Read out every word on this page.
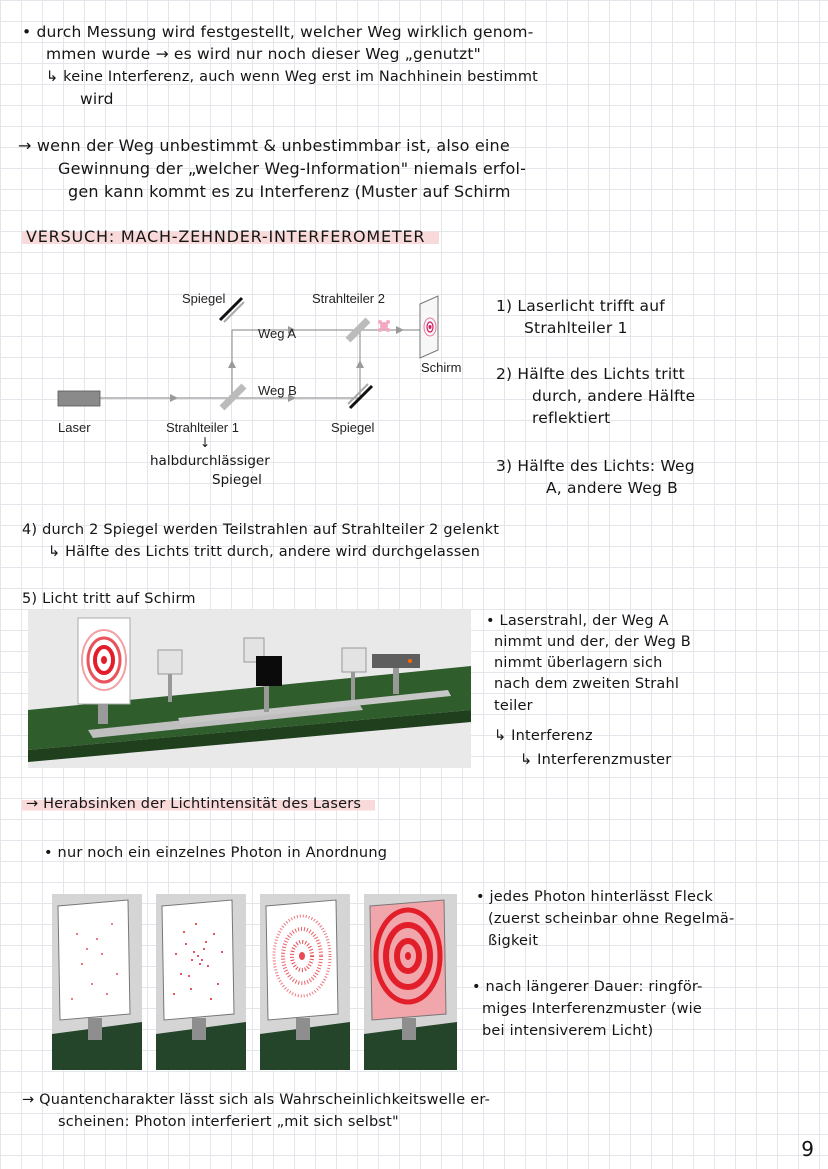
• durch Messung wird festgestellt, welcher Weg wirklich genom-
mmen wurde → es wird nur noch dieser Weg „genutzt"
↳ keine Interferenz, auch wenn Weg erst im Nachhinein bestimmt
wird
→ wenn der Weg unbestimmt & unbestimmbar ist, also eine
Gewinnung der „welcher Weg-Information" niemals erfol-
gen kann kommt es zu Interferenz (Muster auf Schirm
VERSUCH: MACH-ZEHNDER-INTERFEROMETER
Spiegel	Strahlteiler 2
Weg A
Schirm
Weg B
Laser	Strahlteiler 1	Spiegel
↓
halbdurchlässiger
Spiegel
1) Laserlicht trifft auf
Strahlteiler 1
2) Hälfte des Lichts tritt
durch, andere Hälfte
reflektiert
3) Hälfte des Lichts: Weg
A, andere Weg B
4) durch 2 Spiegel werden Teilstrahlen auf Strahlteiler 2 gelenkt
↳ Hälfte des Lichts tritt durch, andere wird durchgelassen
5) Licht tritt auf Schirm
• Laserstrahl, der Weg A
nimmt und der, der Weg B
nimmt überlagern sich
nach dem zweiten Strahl
teiler
↳ Interferenz
↳ Interferenzmuster
→ Herabsinken der Lichtintensität des Lasers
• nur noch ein einzelnes Photon in Anordnung
• jedes Photon hinterlässt Fleck
(zuerst scheinbar ohne Regelmä-
ßigkeit
• nach längerer Dauer: ringför-
miges Interferenzmuster (wie
bei intensiverem Licht)
→ Quantencharakter lässt sich als Wahrscheinlichkeitswelle er-
scheinen: Photon interferiert „mit sich selbst"
9
